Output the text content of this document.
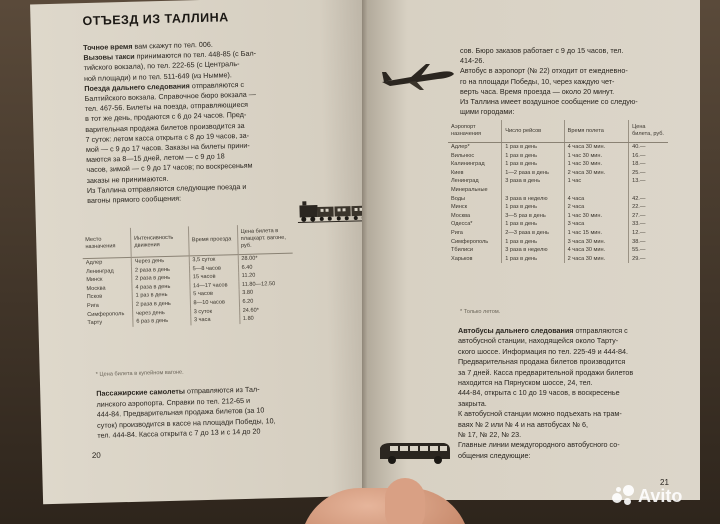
ОТЪЕЗД ИЗ ТАЛЛИНА
Точное время вам скажут по тел. 006.
Вызовы такси принимаются по тел. 448-85 (с Бал-
тийского вокзала), по тел. 222-65 (с Централь-
ной площади) и по тел. 511-649 (из Нымме).
Поезда дальнего следования отправляются с
Балтийского вокзала. Справочное бюро вокзала —
тел. 467-56. Билеты на поезда, отправляющиеся
в тот же день, продаются с 6 до 24 часов. Пред-
варительная продажа билетов производится за
7 суток: летом касса открыта с 8 до 19 часов, за-
мой — с 9 до 17 часов. Заказы на билеты прини-
маются за 8—15 дней, летом — с 9 до 18
часов, зимой — с 9 до 17 часов; по воскресеньям
заказы не принимаются.
Из Таллина отправляются следующие поезда и
вагоны прямого сообщения:
Место назначения	Интенсивность движения	Время проезда	Цена билета в плацкарт. вагоне, руб.
Адлер	Через день	3,5 суток	28.00*
Ленинград	2 раза в день	5—8 часов	6.40
Минск	2 раза в день	15 часов	11.20
Москва	4 раза в день	14—17 часов	11.80—12.50
Псков	1 раз в день	5 часов	3.80
Рига	2 раза в день	8—10 часов	6.20
Симферополь	через день	3 суток	24.60*
Тарту	6 раз в день	3 часа	1.80
* Цена билета в купейном вагоне.
Пассажирские самолеты отправляются из Тал-
линского аэропорта. Справки по тел. 212-65 и
444-84. Предварительная продажа билетов (за 10
суток) производится в кассе на площади Победы, 10,
тел. 444-84. Касса открыта с 7 до 13 и с 14 до 20
20
сов. Бюро заказов работает с 9 до 15 часов, тел.
414-26.
Автобус в аэропорт (№ 22) отходит от ежедневно-
го на площади Победы, 10, через каждую чет-
верть часа. Время проезда — около 20 минут.
Из Таллина имеет воздушное сообщение со следую-
щими городами:
Аэропорт назначения	Число рейсов	Время полета	Цена билета, руб.
Адлер*	1 раз в день	4 часа 30 мин.	40.—
Вильнюс	1 раз в день	1 час 30 мин.	16.—
Калининград	1 раз в день	1 час 30 мин.	18.—
Киев	1—2 раза в день	2 часа 30 мин.	25.—
Ленинград	3 раза в день	1 час	13.—
Минеральные			
Воды	3 раза в неделю	4 часа	42.—
Минск	1 раз в день	2 часа	22.—
Москва	3—5 раз в день	1 час 30 мин.	27.—
Одесса*	1 раз в день	3 часа	33.—
Рига	2—3 раза в день	1 час 15 мин.	12.—
Симферополь	1 раз в день	3 часа 30 мин.	38.—
Тбилиси	3 раза в неделю	4 часа 30 мин.	55.—
Харьков	1 раз в день	2 часа 30 мин.	29.—
* Только летом.
Автобусы дальнего следования отправляются с
автобусной станции, находящейся около Тарту-
ского шоссе. Информация по тел. 225-49 и 444-84.
Предварительная продажа билетов производится
за 7 дней. Касса предварительной продажи билетов
находится на Пярнуском шоссе, 24, тел.
444-84, открыта с 10 до 19 часов, в воскресенье
закрыта.
К автобусной станции можно подъехать на трам-
ваях № 2 или № 4 и на автобусах № 6,
№ 17, № 22, № 23.
Главные линии междугородного автобусного со-
общения следующие:
21
Avito
